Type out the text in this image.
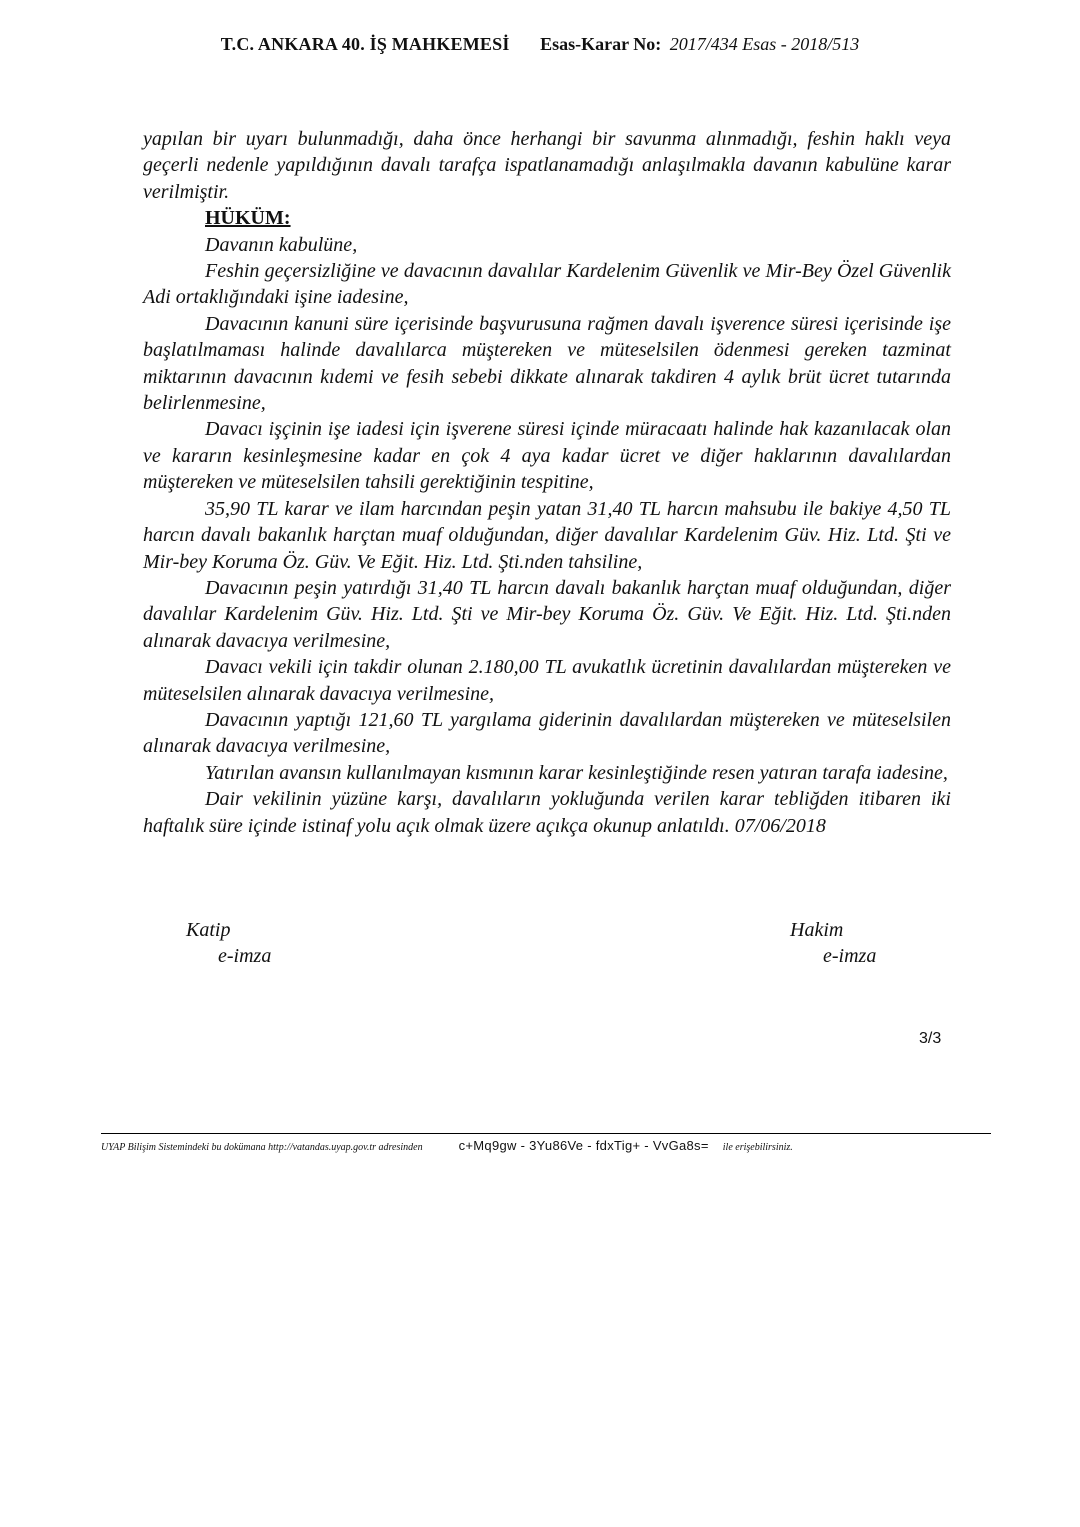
T.C. ANKARA 40. İŞ MAHKEMESİ Esas-Karar No: 2017/434 Esas - 2018/513

yapılan bir uyarı bulunmadığı, daha önce herhangi bir savunma alınmadığı, feshin haklı veya geçerli nedenle yapıldığının davalı tarafça ispatlanamadığı anlaşılmakla davanın kabulüne karar verilmiştir.

HÜKÜM:

Davanın kabulüne,

Feshin geçersizliğine ve davacının davalılar Kardelenim Güvenlik ve Mir-Bey Özel Güvenlik Adi ortaklığındaki işine iadesine,

Davacının kanuni süre içerisinde başvurusuna rağmen davalı işverence süresi içerisinde işe başlatılmaması halinde davalılarca müştereken ve müteselsilen ödenmesi gereken tazminat miktarının davacının kıdemi ve fesih sebebi dikkate alınarak takdiren 4 aylık brüt ücret tutarında belirlenmesine,

Davacı işçinin işe iadesi için işverene süresi içinde müracaatı halinde hak kazanılacak olan ve kararın kesinleşmesine kadar en çok 4 aya kadar ücret ve diğer haklarının davalılardan müştereken ve müteselsilen tahsili gerektiğinin tespitine,

35,90 TL karar ve ilam harcından peşin yatan 31,40 TL harcın mahsubu ile bakiye 4,50 TL harcın davalı bakanlık harçtan muaf olduğundan, diğer davalılar Kardelenim Güv. Hiz. Ltd. Şti ve Mir-bey Koruma Öz. Güv. Ve Eğit. Hiz. Ltd. Şti.nden tahsiline,

Davacının peşin yatırdığı 31,40 TL harcın davalı bakanlık harçtan muaf olduğundan, diğer davalılar Kardelenim Güv. Hiz. Ltd. Şti ve Mir-bey Koruma Öz. Güv. Ve Eğit. Hiz. Ltd. Şti.nden alınarak davacıya verilmesine,

Davacı vekili için takdir olunan 2.180,00 TL avukatlık ücretinin davalılardan müştereken ve müteselsilen alınarak davacıya verilmesine,

Davacının yaptığı 121,60 TL yargılama giderinin davalılardan müştereken ve müteselsilen alınarak davacıya verilmesine,

Yatırılan avansın kullanılmayan kısmının karar kesinleştiğinde resen yatıran tarafa iadesine,

Dair vekilinin yüzüne karşı, davalıların yokluğunda verilen karar tebliğden itibaren iki haftalık süre içinde istinaf yolu açık olmak üzere açıkça okunup anlatıldı. 07/06/2018

Katip
e-imza
Hakim
e-imza
3/3
UYAP Bilişim Sistemindeki bu dokümana http://vatandas.uyap.gov.tr adresinden	c+Mq9gw - 3Yu86Ve - fdxTig+ - VvGa8s= ile erişebilirsiniz.
